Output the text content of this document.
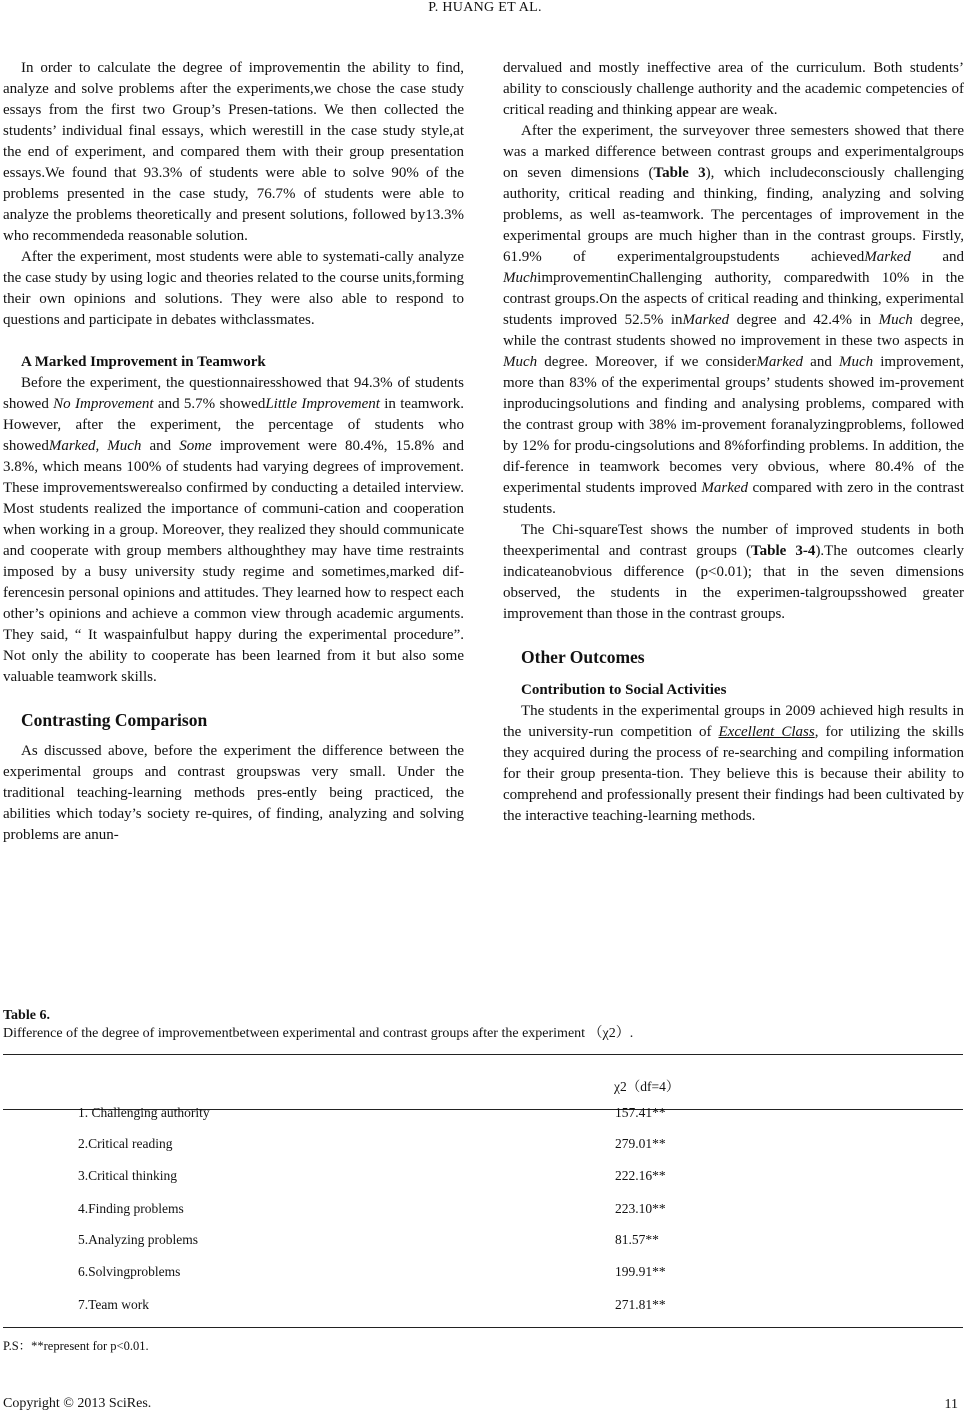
P. HUANG ET AL.

In order to calculate the degree of improvementin the ability to find, analyze and solve problems after the experiments,we chose the case study essays from the first two Group’s Presen-tations. We then collected the students’ individual final essays, which werestill in the case study style,at the end of experiment, and compared them with their group presentation essays.We found that 93.3% of students were able to solve 90% of the problems presented in the case study, 76.7% of students were able to analyze the problems theoretically and present solutions, followed by13.3% who recommendeda reasonable solution.

After the experiment, most students were able to systemati-cally analyze the case study by using logic and theories related to the course units,forming their own opinions and solutions. They were also able to respond to questions and participate in debates withclassmates.

A Marked Improvement in Teamwork

Before the experiment, the questionnairesshowed that 94.3% of students showed No Improvement and 5.7% showedLittle Improvement in teamwork. However, after the experiment, the percentage of students who showedMarked, Much and Some improvement were 80.4%, 15.8% and 3.8%, which means 100% of students had varying degrees of improvement. These improvementswerealso confirmed by conducting a detailed interview. Most students realized the importance of communi-cation and cooperation when working in a group. Moreover, they realized they should communicate and cooperate with group members althoughthey may have time restraints imposed by a busy university study regime and sometimes,marked dif-ferencesin personal opinions and attitudes. They learned how to respect each other’s opinions and achieve a common view through academic arguments. They said, “ It waspainfulbut happy during the experimental procedure”. Not only the ability to cooperate has been learned from it but also some valuable teamwork skills.

Contrasting Comparison

As discussed above, before the experiment the difference between the experimental groups and contrast groupswas very small. Under the traditional teaching-learning methods pres-ently being practiced, the abilities which today’s society re-quires, of finding, analyzing and solving problems are anun-

dervalued and mostly ineffective area of the curriculum. Both students’ ability to consciously challenge authority and the academic competencies of critical reading and thinking appear are weak.

After the experiment, the surveyover three semesters showed that there was a marked difference between contrast groups and experimentalgroups on seven dimensions (Table 3), which includeconsciously challenging authority, critical reading and thinking, finding, analyzing and solving problems, as well as-teamwork. The percentages of improvement in the experimental groups are much higher than in the contrast groups. Firstly, 61.9% of experimentalgroupstudents achievedMarked and MuchimprovementinChallenging authority, comparedwith 10% in the contrast groups.On the aspects of critical reading and thinking, experimental students improved 52.5% inMarked degree and 42.4% in Much degree, while the contrast students showed no improvement in these two aspects in Much degree. Moreover, if we considerMarked and Much improvement, more than 83% of the experimental groups’ students showed im-provement inproducingsolutions and finding and analysing problems, compared with the contrast group with 38% im-provement foranalyzingproblems, followed by 12% for produ-cingsolutions and 8%forfinding problems. In addition, the dif-ference in teamwork becomes very obvious, where 80.4% of the experimental students improved Marked compared with zero in the contrast students.

The Chi-squareTest shows the number of improved students in both theexperimental and contrast groups (Table 3-4).The outcomes clearly indicateanobvious difference (p<0.01); that in the seven dimensions observed, the students in the experimen-talgroupsshowed greater improvement than those in the contrast groups.

Other Outcomes

Contribution to Social Activities

The students in the experimental groups in 2009 achieved high results in the university-run competition of Excellent Class, for utilizing the skills they acquired during the process of re-searching and compiling information for their group presenta-tion. They believe this is because their ability to comprehend and professionally present their findings had been cultivated by the interactive teaching-learning methods.

Table 6.
Difference of the degree of improvementbetween experimental and contrast groups after the experiment （χ2）.
χ2（df=4）
1. Challenging authority	157.41**
2.Critical reading	279.01**
3.Critical thinking	222.16**
4.Finding problems	223.10**
5.Analyzing problems	81.57**
6.Solvingproblems	199.91**
7.Team work	271.81**
P.S：**represent for p<0.01.
Copyright © 2013 SciRes.	11
